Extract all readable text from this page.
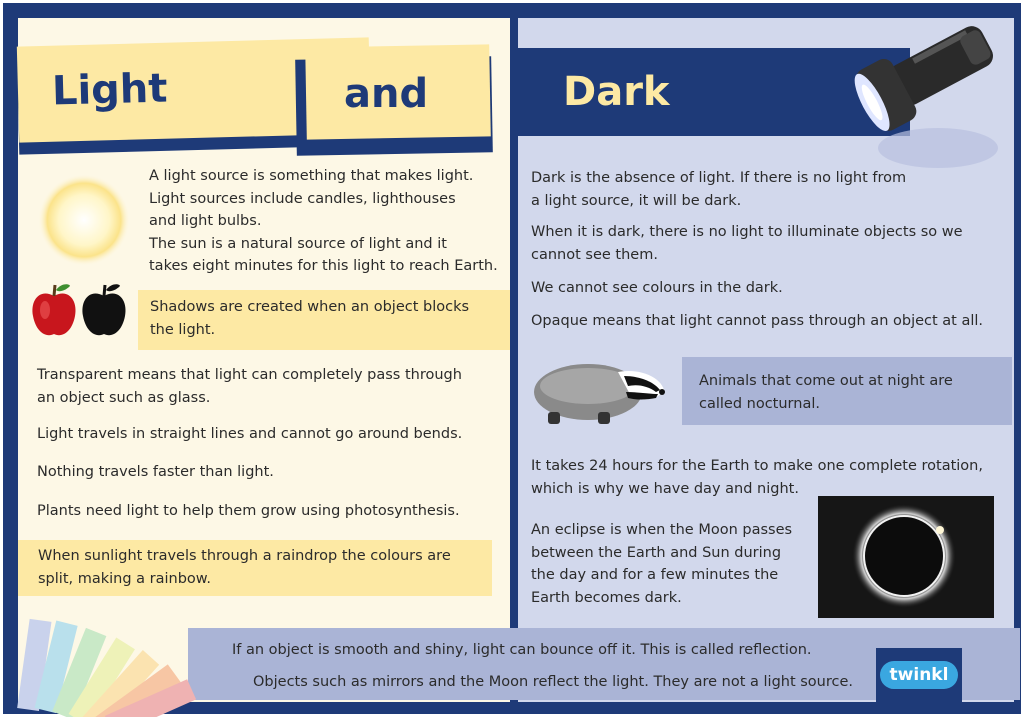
Light	and	Dark

A light source is something that makes light.

Light sources include candles, lighthouses

and light bulbs.

The sun is a natural source of light and it

takes eight minutes for this light to reach Earth.

Shadows are created when an object blocks

the light.

Transparent means that light can completely pass through

an object such as glass.

Light travels in straight lines and cannot go around bends.
Nothing travels faster than light.
Plants need light to help them grow using photosynthesis.

When sunlight travels through a raindrop the colours are

split, making a rainbow.

Dark is the absence of light. If there is no light from

a light source, it will be dark.

When it is dark, there is no light to illuminate objects so we

cannot see them.

We cannot see colours in the dark.
Opaque means that light cannot pass through an object at all.

Animals that come out at night are

called nocturnal.

It takes 24 hours for the Earth to make one complete rotation,

which is why we have day and night.

An eclipse is when the Moon passes

between the Earth and Sun during

the day and for a few minutes the

Earth becomes dark.

If an object is smooth and shiny, light can bounce off it. This is called reflection.
Objects such as mirrors and the Moon reflect the light. They are not a light source.	twinkl
